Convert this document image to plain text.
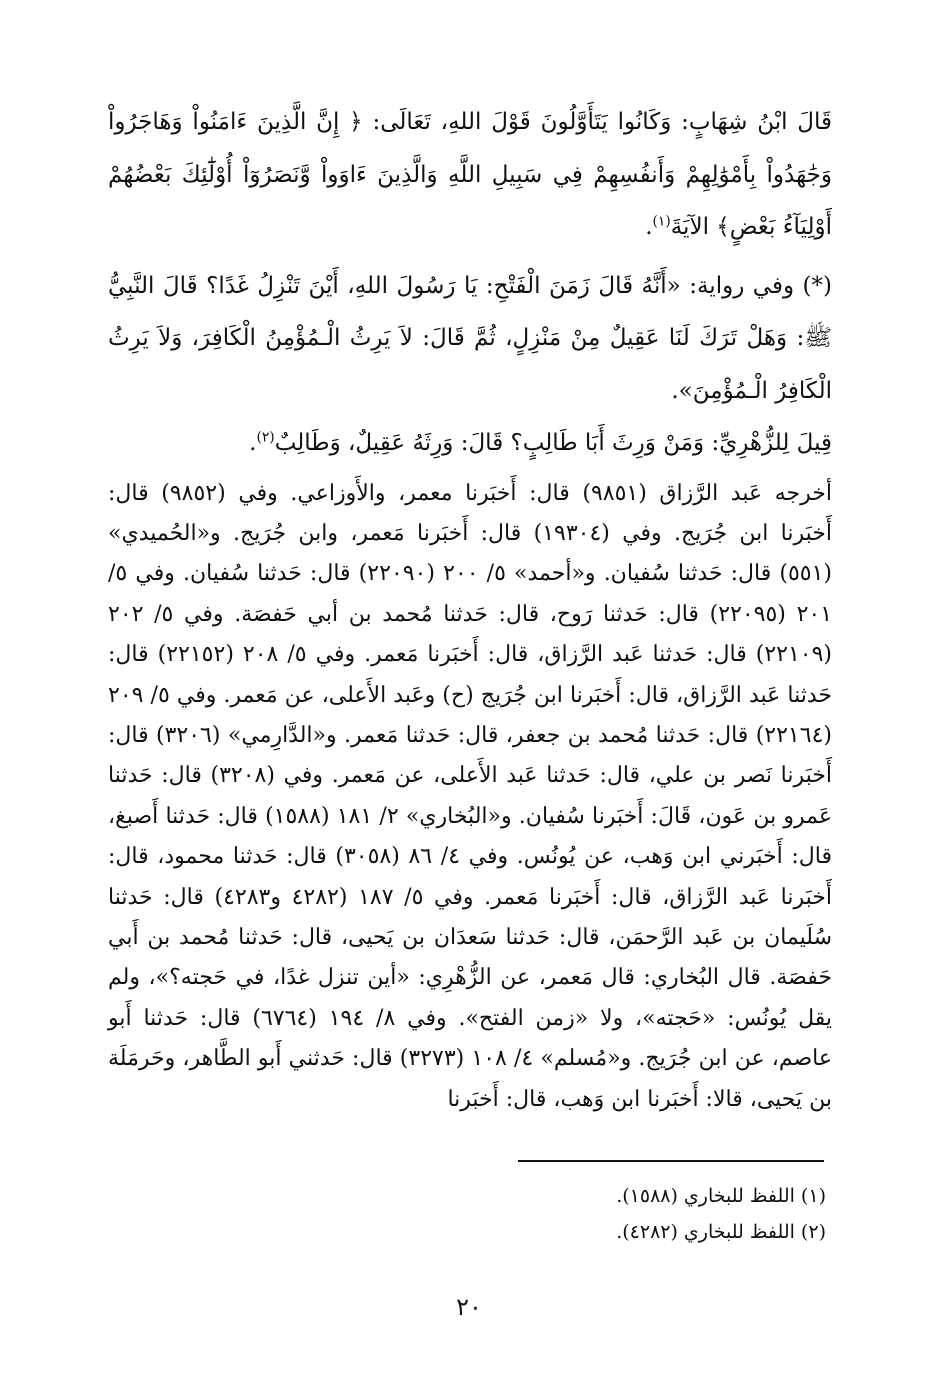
قَالَ ابْنُ شِهَابٍ: وَكَانُوا يَتَأَوَّلُونَ قَوْلَ اللهِ، تَعَالَى: ﴿ إِنَّ الَّذِينَ ءَامَنُواْ وَهَاجَرُواْ وَجَٰهَدُواْ بِأَمْوَٰلِهِمْ وَأَنفُسِهِمْ فِي سَبِيلِ اللَّهِ وَالَّذِينَ ءَاوَواْ وَّنَصَرُوٓاْ أُوْلَٰٓئِكَ بَعْضُهُمْ أَوْلِيَآءُ بَعْضٍ﴾ الآيَةَ$^{(١)}$.

(*) وفي رواية: «أَنَّهُ قَالَ زَمَنَ الْفَتْحِ: يَا رَسُولَ اللهِ، أَيْنَ تَنْزِلُ غَدًا؟ قَالَ النَّبِيُّ ﷺ: وَهَلْ تَرَكَ لَنَا عَقِيلٌ مِنْ مَنْزِلٍ، ثُمَّ قَالَ: لاَ يَرِثُ الْـمُؤْمِنُ الْكَافِرَ، وَلاَ يَرِثُ الْكَافِرُ الْـمُؤْمِنَ».

قِيلَ لِلزُّهْرِيِّ: وَمَنْ وَرِثَ أَبَا طَالِبٍ؟ قَالَ: وَرِثَهُ عَقِيلٌ، وَطَالِبٌ$^{(٢)}$.

أخرجه عَبد الرَّزاق (٩٨٥١) قال: أَخبَرنا معمر، والأَوزاعي. وفي (٩٨٥٢) قال: أَخبَرنا ابن جُرَيج. وفي (١٩٣٠٤) قال: أَخبَرنا مَعمر، وابن جُرَيج. و«الحُميدي» (٥٥١) قال: حَدثنا سُفيان. و«أحمد» ٥/ ٢٠٠ (٢٢٠٩٠) قال: حَدثنا سُفيان. وفي ٥/ ٢٠١ (٢٢٠٩٥) قال: حَدثنا رَوح، قال: حَدثنا مُحمد بن أبي حَفصَة. وفي ٥/ ٢٠٢ (٢٢١٠٩) قال: حَدثنا عَبد الرَّزاق، قال: أَخبَرنا مَعمر. وفي ٥/ ٢٠٨ (٢٢١٥٢) قال: حَدثنا عَبد الرَّزاق، قال: أَخبَرنا ابن جُرَيج (ح) وعَبد الأَعلى، عن مَعمر. وفي ٥/ ٢٠٩ (٢٢١٦٤) قال: حَدثنا مُحمد بن جعفر، قال: حَدثنا مَعمر. و«الدَّارِمي» (٣٢٠٦) قال: أَخبَرنا نَصر بن علي، قال: حَدثنا عَبد الأَعلى، عن مَعمر. وفي (٣٢٠٨) قال: حَدثنا عَمرو بن عَون، قَالَ: أَخبَرنا سُفيان. و«البُخاري» ٢/ ١٨١ (١٥٨٨) قال: حَدثنا أَصبغ، قال: أَخبَرني ابن وَهب، عن يُونُس. وفي ٤/ ٨٦ (٣٠٥٨) قال: حَدثنا محمود، قال: أَخبَرنا عَبد الرَّزاق، قال: أَخبَرنا مَعمر. وفي ٥/ ١٨٧ (٤٢٨٢ و٤٢٨٣) قال: حَدثنا سُلَيمان بن عَبد الرَّحمَن، قال: حَدثنا سَعدَان بن يَحيى، قال: حَدثنا مُحمد بن أَبي حَفصَة. قال البُخاري: قال مَعمر، عن الزُّهْرِي: «أين تنزل غدًا، في حَجته؟»، ولم يقل يُونُس: «حَجته»، ولا «زمن الفتح». وفي ٨/ ١٩٤ (٦٧٦٤) قال: حَدثنا أَبو عاصم، عن ابن جُرَيج. و«مُسلم» ٤/ ١٠٨ (٣٢٧٣) قال: حَدثني أَبو الطَّاهر، وحَرمَلَة بن يَحيى، قالا: أَخبَرنا ابن وَهب، قال: أَخبَرنا

(١) اللفظ للبخاري (١٥٨٨).
(٢) اللفظ للبخاري (٤٢٨٢).
٢٠
